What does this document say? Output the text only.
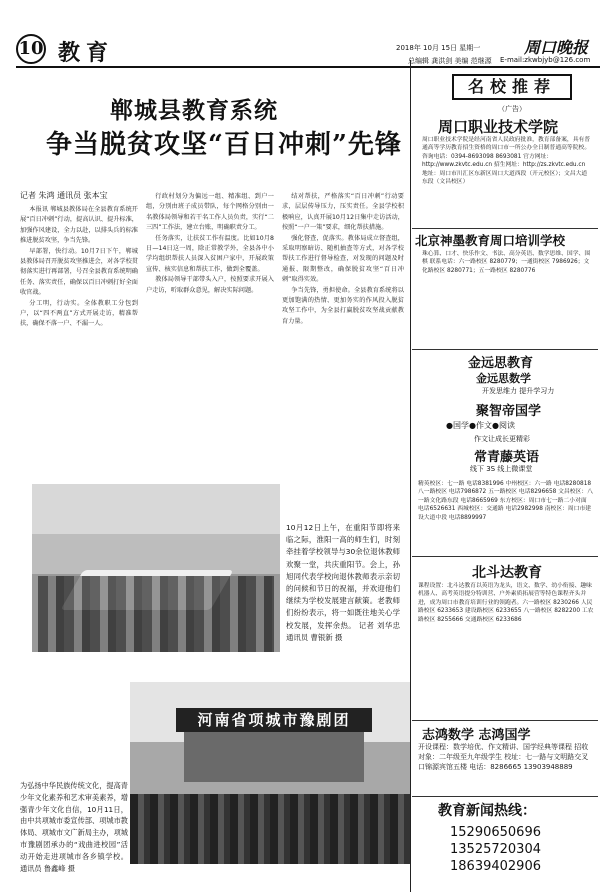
10 教育	2018年 10月 15日 星期一	周口晚报
总编辑 龚洪剑 美编 范继源 E-mail:zkwbjyb@126.com
郸城县教育系统
争当脱贫攻坚“百日冲刺”先锋
记者 朱鸿 通讯员 张本宝

本报讯 郸城县教体局在全县教育系统开展“百日冲刺”行动，提高认识、提升标准，加强作风建设，全力以赴，以排头兵的标准推进脱贫攻坚，争当先锋。

早部署，快行动。10月7日下午，郸城县教体局召开脱贫攻坚推进会，对各学校贯彻落实进行再部署，号召全县教育系统明确任务、落实责任，确保以百日冲刺打好全面收官战。

分工明，行动实。全体教职工分包到户，以“四不两直”方式开展走访，精准帮扶，确保不落一户、不漏一人。

行政村划分为偏远一组、精准组、到户一组，分别由班子成员带队，每个网格分别由一名教体局领导和若干名工作人员负责，实行“二三四”工作法，建立台账，明确职责分工。

任务落实，让扶贫工作有温度。比如10月8日—14日这一周，除正常教学外，全县各中小学均组织帮扶人员深入贫困户家中，开展政策宣传、核实信息和帮扶工作，做到全覆盖。

教体局领导干部带头入户，按照要求开展入户走访，听取群众意见，解决实际问题。

结对帮扶，严格落实“百日冲刺”行动要求，层层传导压力，压实责任。全县学校积极响应，认真开展10月12日集中走访活动，按照“一户一策”要求，细化帮扶措施。

强化督查，促落实。教体局成立督查组，采取明察暗访、随机抽查等方式，对各学校帮扶工作进行督导检查，对发现的问题及时通报、限期整改，确保脱贫攻坚“百日冲刺”取得实效。

争当先锋，勇担使命。全县教育系统将以更加饱满的热情、更加务实的作风投入脱贫攻坚工作中，为全县打赢脱贫攻坚战贡献教育力量。

10月12日上午，在重阳节即将来临之际，淮阳一高的师生们，时刻牵挂着学校领导与30余位退休教师欢聚一堂，共庆重阳节。会上，孙旭同代表学校向退休教师表示亲切的问候和节日的祝福，并欢迎他们继续为学校发展建言献策。老教师们纷纷表示，将一如既往地关心学校发展，发挥余热。 记者 刘华忠 通讯员 曹银新 摄
河南省项城市豫剧团
为弘扬中华民族传统文化，提高青少年文化素养和艺术审美素养，增强青少年文化自信，10月11日，由中共项城市委宣传部、项城市教体局、项城市文广新局主办，项城市豫剧团承办的“戏曲进校园”活动开始走进项城市各乡镇学校。 通讯员 鲁鑫峰 摄
名校推荐
（广告）
周口职业技术学院
周口职业技术学院是经河南省人民政府批准，教育部备案，具有普通高等学历教育招生资格的周口市一所公办全日制普通高等院校。咨询电话：0394-8693098 8693081 官方网址：http://www.zkvtc.edu.cn 招生网址：http://zs.zkvtc.edu.cn 地址：周口市川汇区东新区周口大道西段（开元校区）；文昌大道东段（文昌校区）
北京神墨教育周口培训学校
珠心算、口才、快乐作文、书法、高分英语、数学思维、国学、围棋 联系电话：六一路校区 8280779；一通街校区 7986926；文化路校区 8280771；五一路校区 8280776
金远思教育
金远思数学
开发思维力 提升学习力
聚智帝国学
●国学●作文●阅读
作文让成长更精彩
常青藤英语
线下 3S 线上微课堂
精英校区：七一路 电话8381996 中州校区：六一路 电话8280818 八一路校区 电话7986872 五一路校区 电话8296658 文昌校区：八一路文化路东段 电话8665969 东方校区：周口市七一路二小对面 电话6526631 西城校区：交通路 电话2982998 南校区：周口市建设大道中段 电话8899997
北斗达教育
课程设置：北斗达教育以英语为龙头，语文、数学、幼小衔接、趣味机器人、高考英语提分特训营、户外素质拓展营等特色课程齐头并进，成为周口市教育培训行业的领跑者。六一路校区 8230266 人民路校区 6233653 建设路校区 6233655 八一路校区 8282200 工农路校区 8255666 交通路校区 6233686
志鸿数学 志鸿国学
开设课程：数学培优、作文精讲、国学经典等课程 招收对象：二年级至九年级学生 校址：七一路与文明路交叉口锦源宾馆五楼 电话：8286665 13903948889
教育新闻热线：
15290650696
13525720304
18639402906
